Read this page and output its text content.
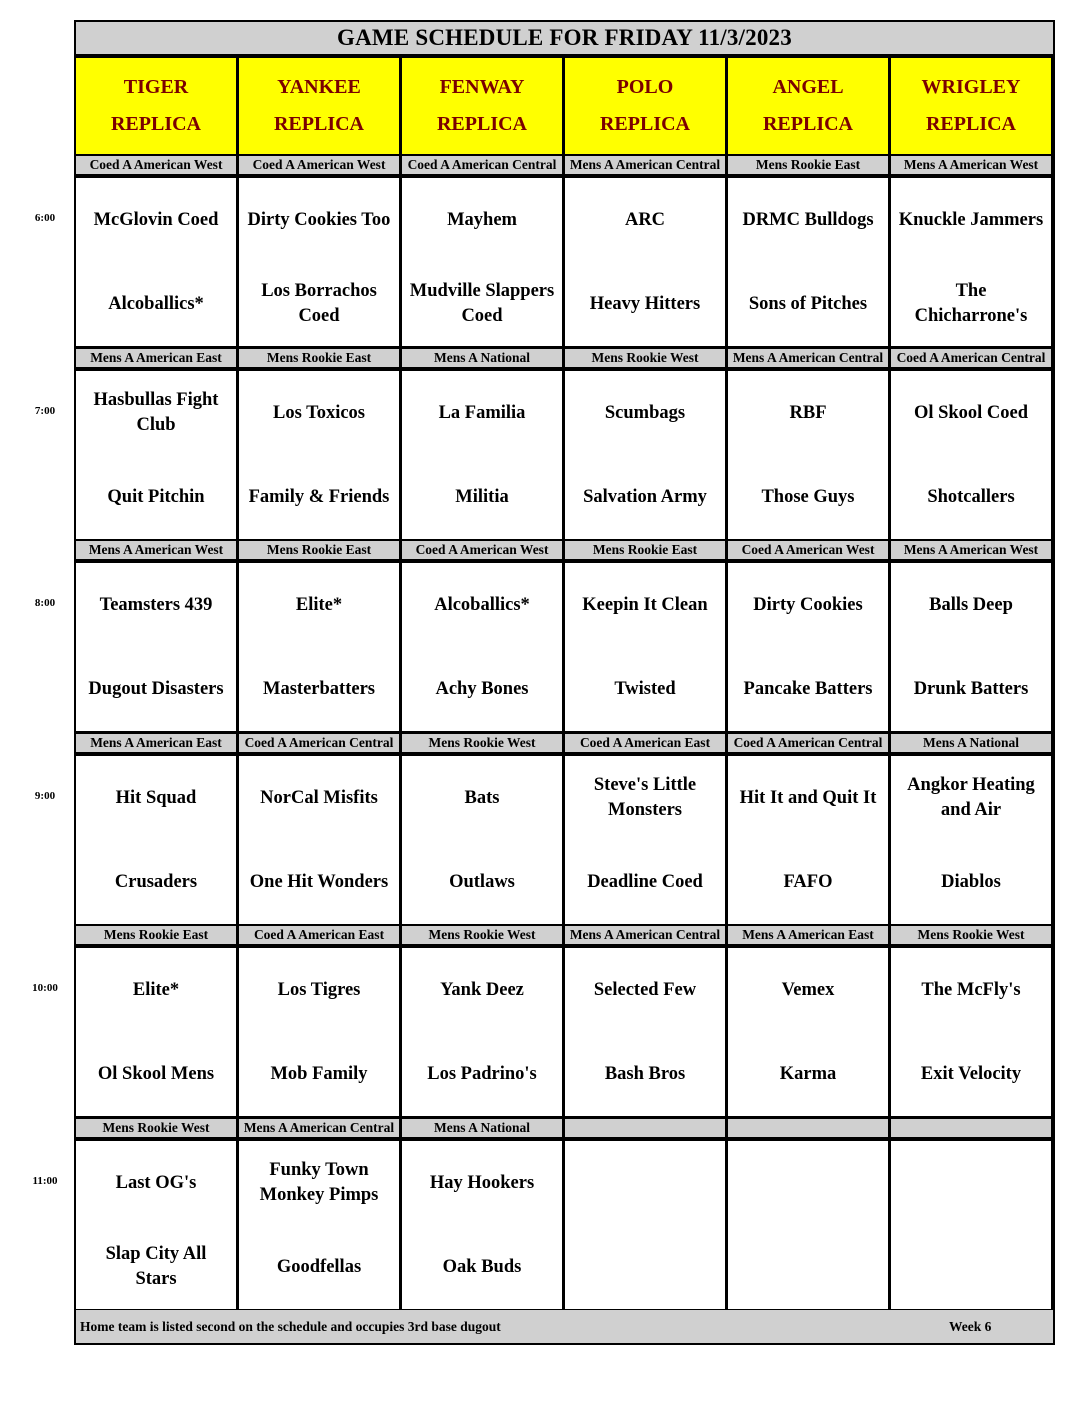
GAME SCHEDULE FOR FRIDAY 11/3/2023
TIGER
REPLICA
YANKEE
REPLICA
FENWAY
REPLICA
POLO
REPLICA
ANGEL
REPLICA
WRIGLEY
REPLICA
Coed A American West
McGlovin Coed
Alcoballics*
Coed A American West
Dirty Cookies Too
Los Borrachos
Coed
Coed A American Central
Mayhem
Mudville Slappers
Coed
Mens A American Central
ARC
Heavy Hitters
Mens Rookie East
DRMC Bulldogs
Sons of Pitches
Mens A American West
Knuckle Jammers
The
Chicharrone's
Mens A American East
Hasbullas Fight
Club
Quit Pitchin
Mens Rookie East
Los Toxicos
Family & Friends
Mens A National
La Familia
Militia
Mens Rookie West
Scumbags
Salvation Army
Mens A American Central
RBF
Those Guys
Coed A American Central
Ol Skool Coed
Shotcallers
Mens A American West
Teamsters 439
Dugout Disasters
Mens Rookie East
Elite*
Masterbatters
Coed A American West
Alcoballics*
Achy Bones
Mens Rookie East
Keepin It Clean
Twisted
Coed A American West
Dirty Cookies
Pancake Batters
Mens A American West
Balls Deep
Drunk Batters
Mens A American East
Hit Squad
Crusaders
Coed A American Central
NorCal Misfits
One Hit Wonders
Mens Rookie West
Bats
Outlaws
Coed A American East
Steve's Little
Monsters
Deadline Coed
Coed A American Central
Hit It and Quit It
FAFO
Mens A National
Angkor Heating
and Air
Diablos
Mens Rookie East
Elite*
Ol Skool Mens
Coed A American East
Los Tigres
Mob Family
Mens Rookie West
Yank Deez
Los Padrino's
Mens A American Central
Selected Few
Bash Bros
Mens A American East
Vemex
Karma
Mens Rookie West
The McFly's
Exit Velocity
Mens Rookie West
Last OG's
Slap City All
Stars
Mens A American Central
Funky Town
Monkey Pimps
Goodfellas
Mens A National
Hay Hookers
Oak Buds
Home team is listed second on the schedule and occupies 3rd base dugout	Week 6
6:00
7:00
8:00
9:00
10:00
11:00
